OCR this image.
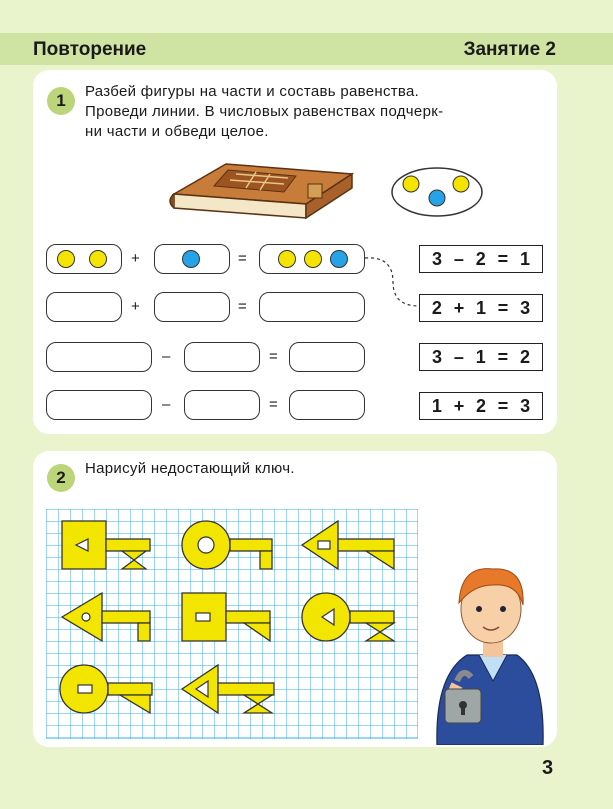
Повторение	Занятие 2
1	Разбей фигуры на части и составь равенства.
Проведи линии. В числовых равенствах подчерк-
ни части и обведи целое.
+	=
+	=
–	=
–	=
3 – 2 = 1
2 + 1 = 3
3 – 1 = 2
1 + 2 = 3
2	Нарисуй недостающий ключ.
3
